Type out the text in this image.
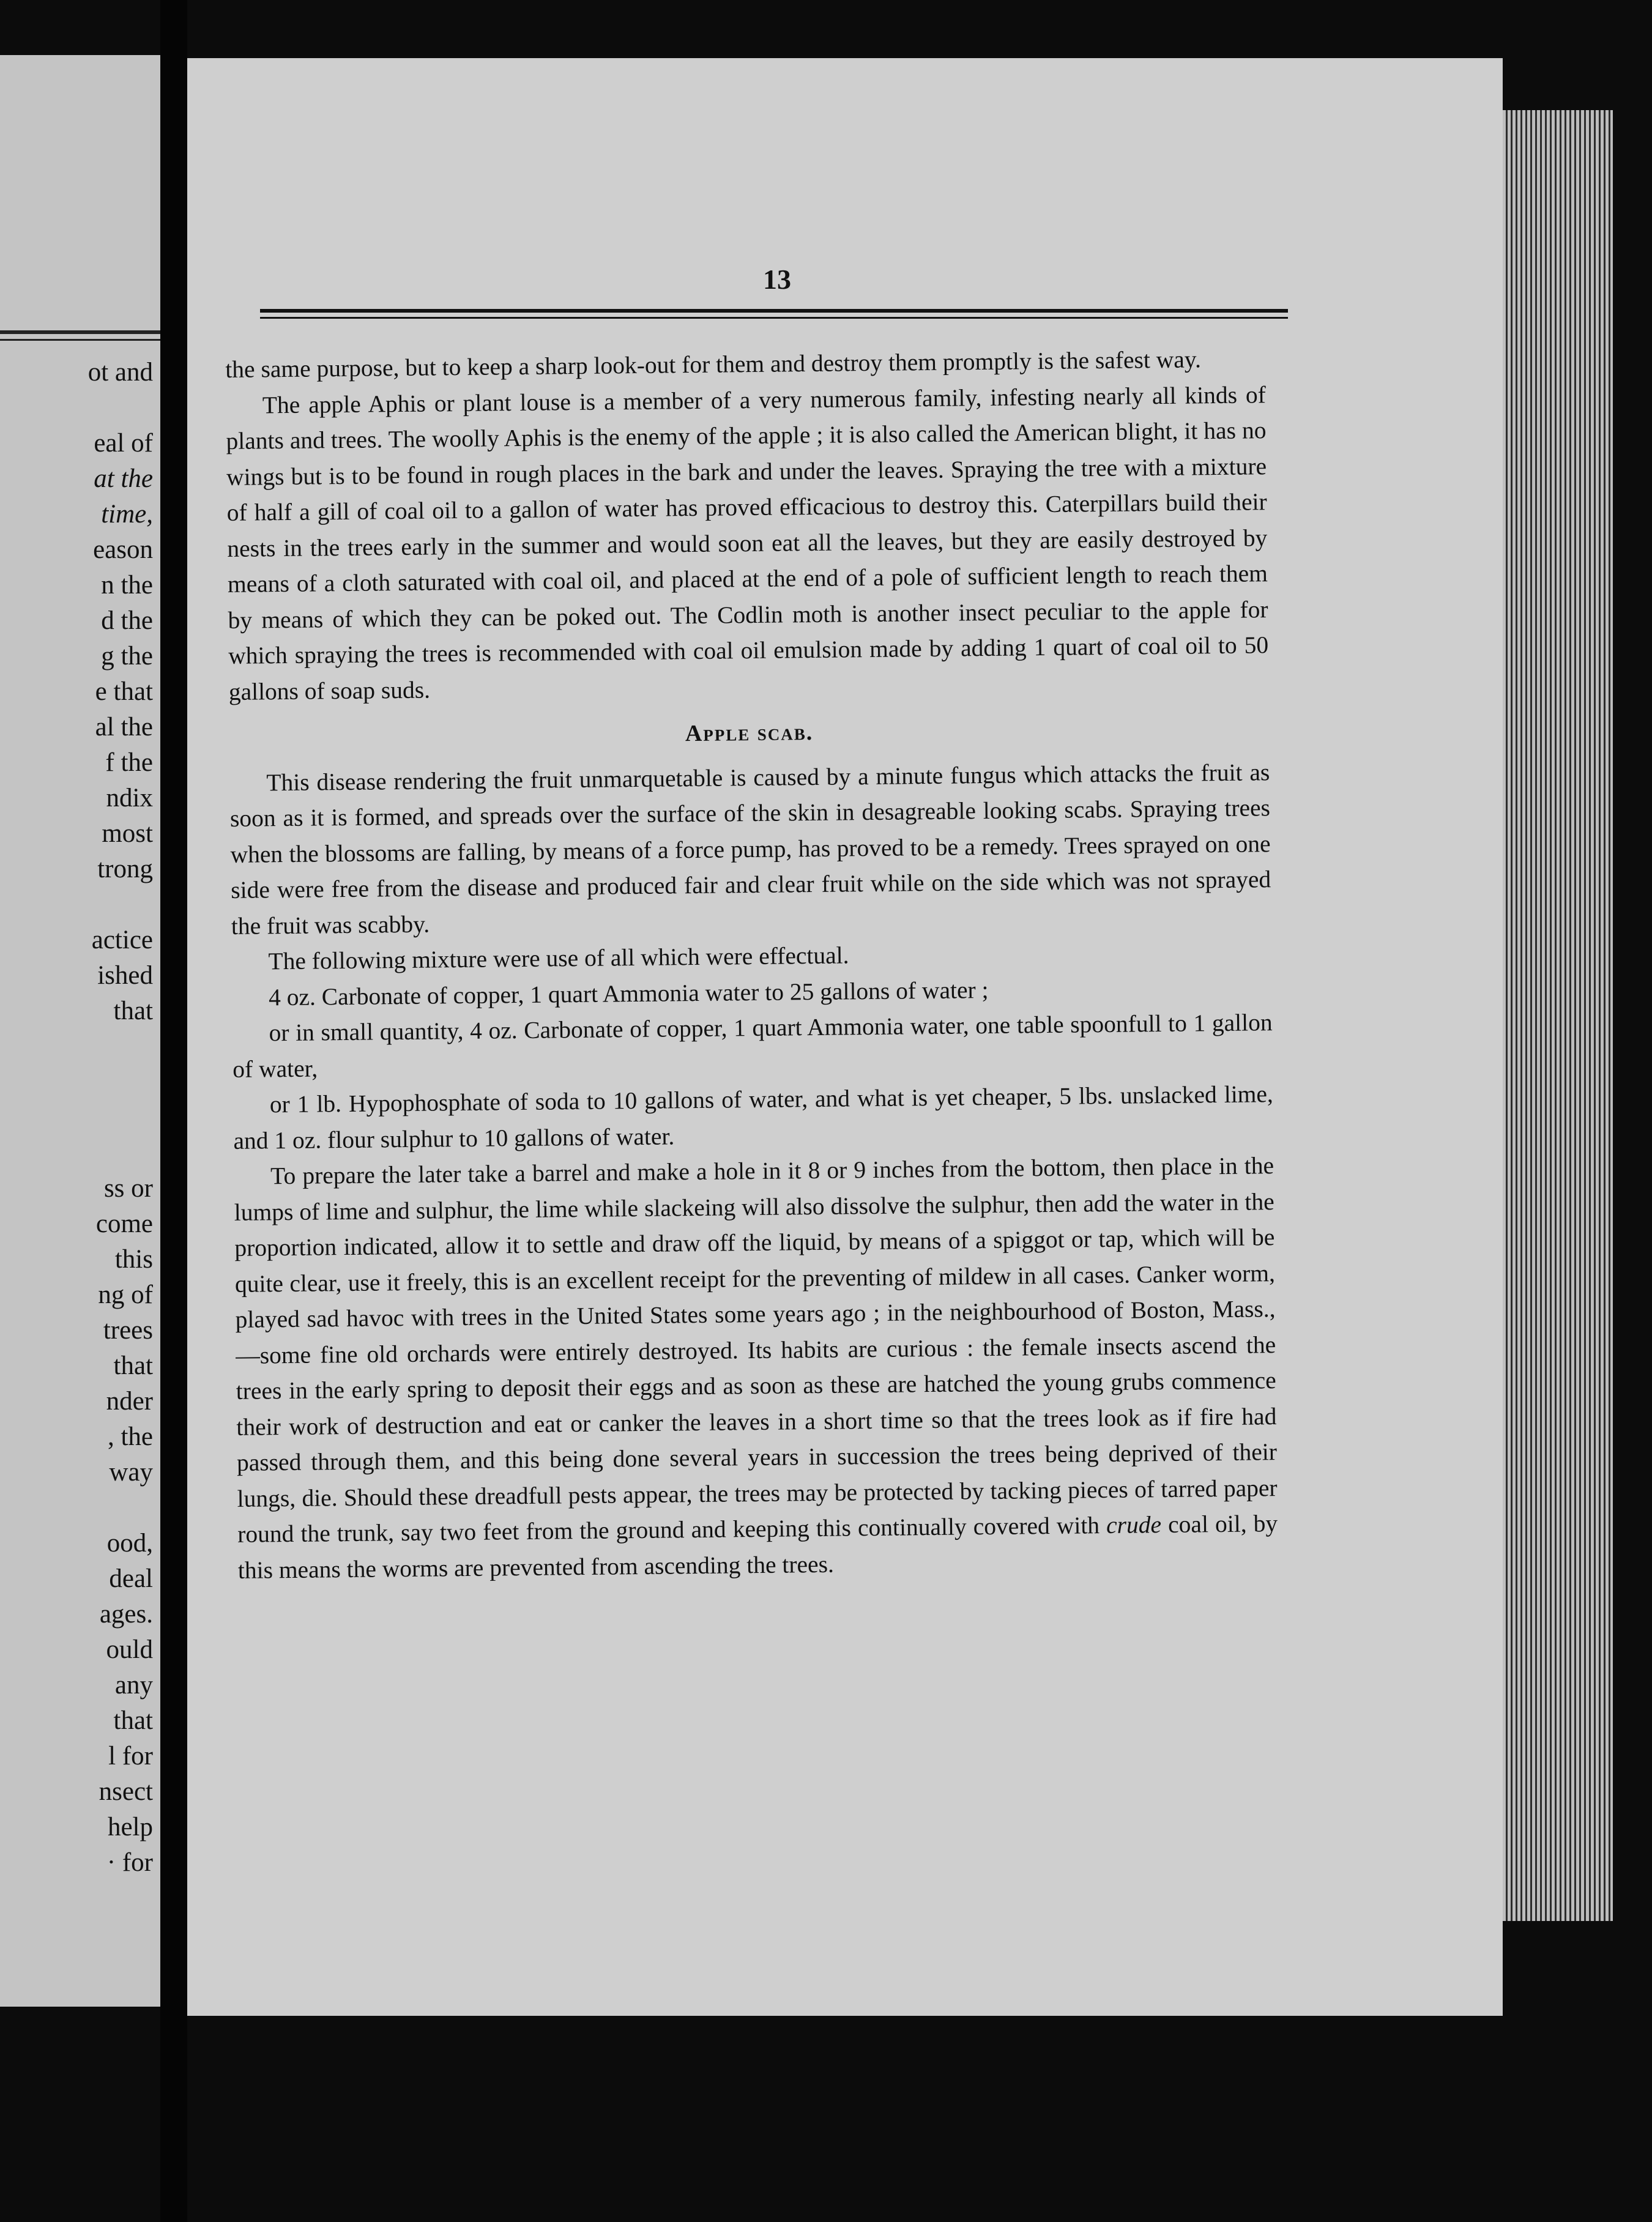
ot and
eal of
at the
time,
eason
n the
d the
g the
e that
al the
f the
ndix
most
trong
actice
ished
that
ss or
come
this
ng of
trees
that
nder
, the
way
ood,
deal
ages.
ould
any
that
l for
nsect
help
· for
13

the same purpose, but to keep a sharp look-out for them and destroy them promptly is the safest way.

The apple Aphis or plant louse is a member of a very numerous family, infesting nearly all kinds of plants and trees. The woolly Aphis is the enemy of the apple ; it is also called the American blight, it has no wings but is to be found in rough places in the bark and under the leaves. Spraying the tree with a mixture of half a gill of coal oil to a gallon of water has proved efficacious to destroy this. Caterpillars build their nests in the trees early in the summer and would soon eat all the leaves, but they are easily destroyed by means of a cloth saturated with coal oil, and placed at the end of a pole of sufficient length to reach them by means of which they can be poked out. The Codlin moth is another insect peculiar to the apple for which spraying the trees is recommended with coal oil emulsion made by adding 1 quart of coal oil to 50 gallons of soap suds.

Apple scab.

This disease rendering the fruit unmarquetable is caused by a minute fungus which attacks the fruit as soon as it is formed, and spreads over the surface of the skin in desagreable looking scabs. Spraying trees when the blossoms are falling, by means of a force pump, has proved to be a remedy. Trees sprayed on one side were free from the disease and produced fair and clear fruit while on the side which was not sprayed the fruit was scabby.

The following mixture were use of all which were effectual.

4 oz. Carbonate of copper, 1 quart Ammonia water to 25 gallons of water ;

or in small quantity, 4 oz. Carbonate of copper, 1 quart Ammonia water, one table spoonfull to 1 gallon of water,

or 1 lb. Hypophosphate of soda to 10 gallons of water, and what is yet cheaper, 5 lbs. unslacked lime, and 1 oz. flour sulphur to 10 gallons of water.

To prepare the later take a barrel and make a hole in it 8 or 9 inches from the bottom, then place in the lumps of lime and sulphur, the lime while slackeing will also dissolve the sulphur, then add the water in the proportion indicated, allow it to settle and draw off the liquid, by means of a spiggot or tap, which will be quite clear, use it freely, this is an excellent receipt for the preventing of mildew in all cases. Canker worm, played sad havoc with trees in the United States some years ago ; in the neighbourhood of Boston, Mass.,—some fine old orchards were entirely destroyed. Its habits are curious : the female insects ascend the trees in the early spring to deposit their eggs and as soon as these are hatched the young grubs commence their work of destruction and eat or canker the leaves in a short time so that the trees look as if fire had passed through them, and this being done several years in succession the trees being deprived of their lungs, die. Should these dreadfull pests appear, the trees may be protected by tacking pieces of tarred paper round the trunk, say two feet from the ground and keeping this continually covered with crude coal oil, by this means the worms are prevented from ascending the trees.
